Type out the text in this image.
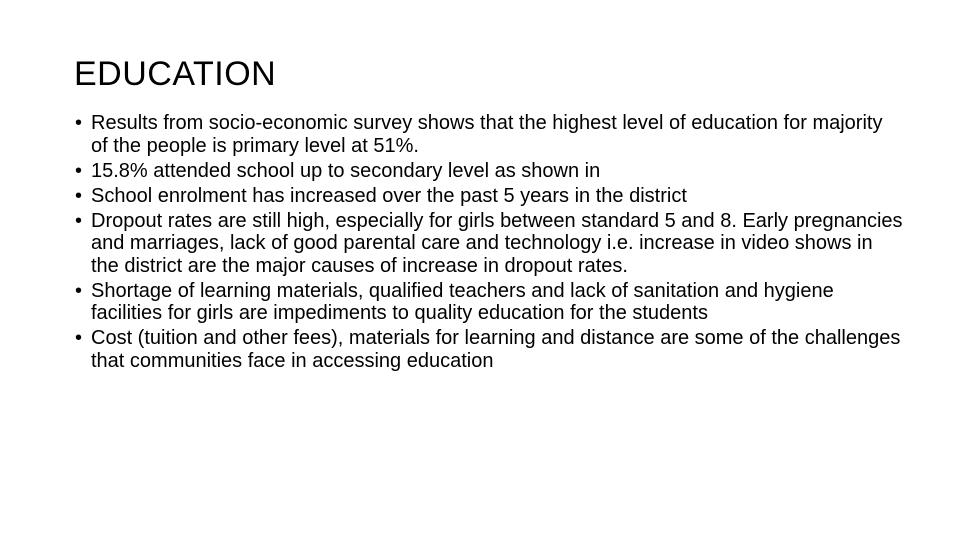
EDUCATION
• Results from socio-economic survey shows that the highest level of education for majority of the people is primary level at 51%.
• 15.8% attended school up to secondary level as shown in
• School enrolment has increased over the past 5 years in the district
• Dropout rates are still high, especially for girls between standard 5 and 8. Early pregnancies and marriages, lack of good parental care and technology i.e. increase in video shows in the district are the major causes of increase in dropout rates.
• Shortage of learning materials, qualified teachers and lack of sanitation and hygiene facilities for girls are impediments to quality education for the students
• Cost (tuition and other fees), materials for learning and distance are some of the challenges that communities face in accessing education
